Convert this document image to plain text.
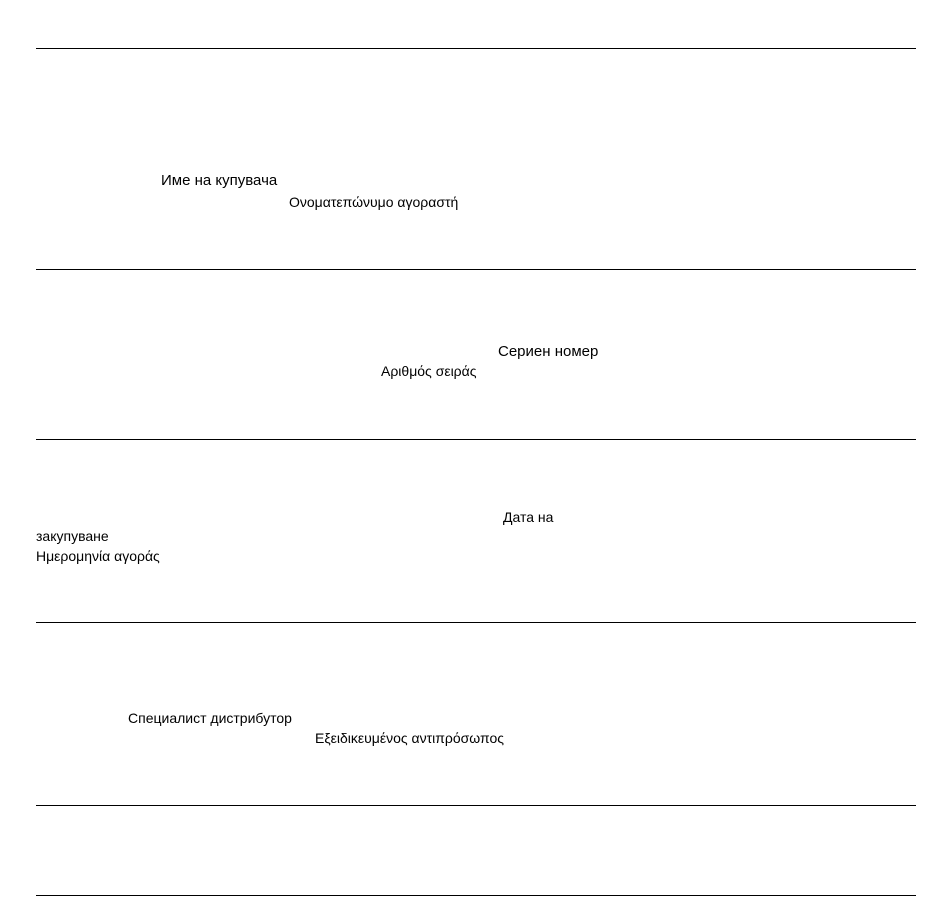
Име на купувача
Ονοματεπώνυμο αγοραστή
Сериен номер
Αριθμός σειράς
Дата на
закупуване
Ημερομηνία αγοράς
Специалист дистрибутор
Εξειδικευμένος αντιπρόσωπος
